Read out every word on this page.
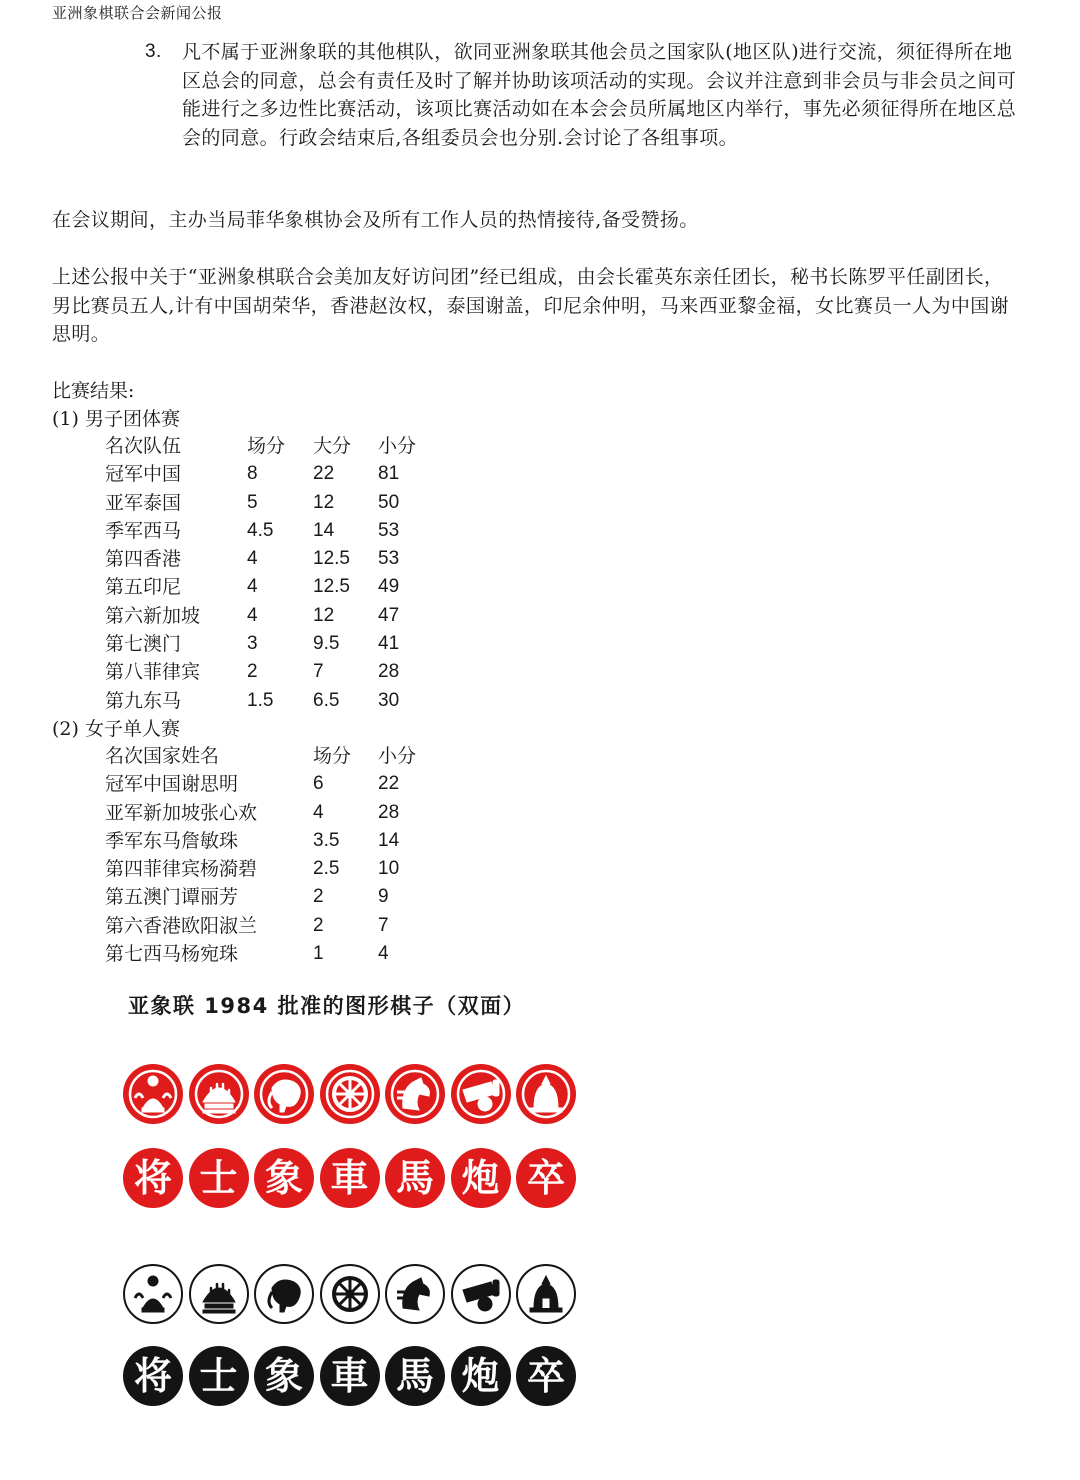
亚洲象棋联合会新闻公报
3. 凡不属于亚洲象联的其他棋队，欲同亚洲象联其他会员之国家队(地区队)进行交流，须征得所在地区总会的同意，总会有责任及时了解并协助该项活动的实现。会议并注意到非会员与非会员之间可能进行之多边性比赛活动，该项比赛活动如在本会会员所属地区内举行，事先必须征得所在地区总会的同意。行政会结束后,各组委员会也分别.会讨论了各组事项。
在会议期间，主办当局菲华象棋协会及所有工作人员的热情接待,备受赞扬。
上述公报中关于“亚洲象棋联合会美加友好访问团”经已组成，由会长霍英东亲任团长，秘书长陈罗平任副团长，男比赛员五人,计有中国胡荣华，香港赵汝权，泰国谢盖，印尼余仲明，马来西亚黎金福，女比赛员一人为中国谢思明。
比赛结果:
(1) 男子团体赛
名次队伍	场分 大分 小分
冠军中国	8	22 81
亚军泰国	5	12 50
季军西马	4.5 14 53
第四香港	4	12.5 53
第五印尼	4	12.5 49
第六新加坡 4	12 47
第七澳门	3	9.5 41
第八菲律宾 2	7	28
第九东马	1.5 6.5 30
(2) 女子单人赛
名次国家姓名	场分 小分
冠军中国谢思明	6	22
亚军新加坡张心欢	4	28
季军东马詹敏珠	3.5 14
第四菲律宾杨漪碧	2.5 10
第五澳门谭丽芳	2	9
第六香港欧阳淑兰	2	7
第七西马杨宛珠	1	4
亚象联 1984 批准的图形棋子（双面）
将 士 象 車 馬 炮 卒
将 士 象 車 馬 炮 卒
